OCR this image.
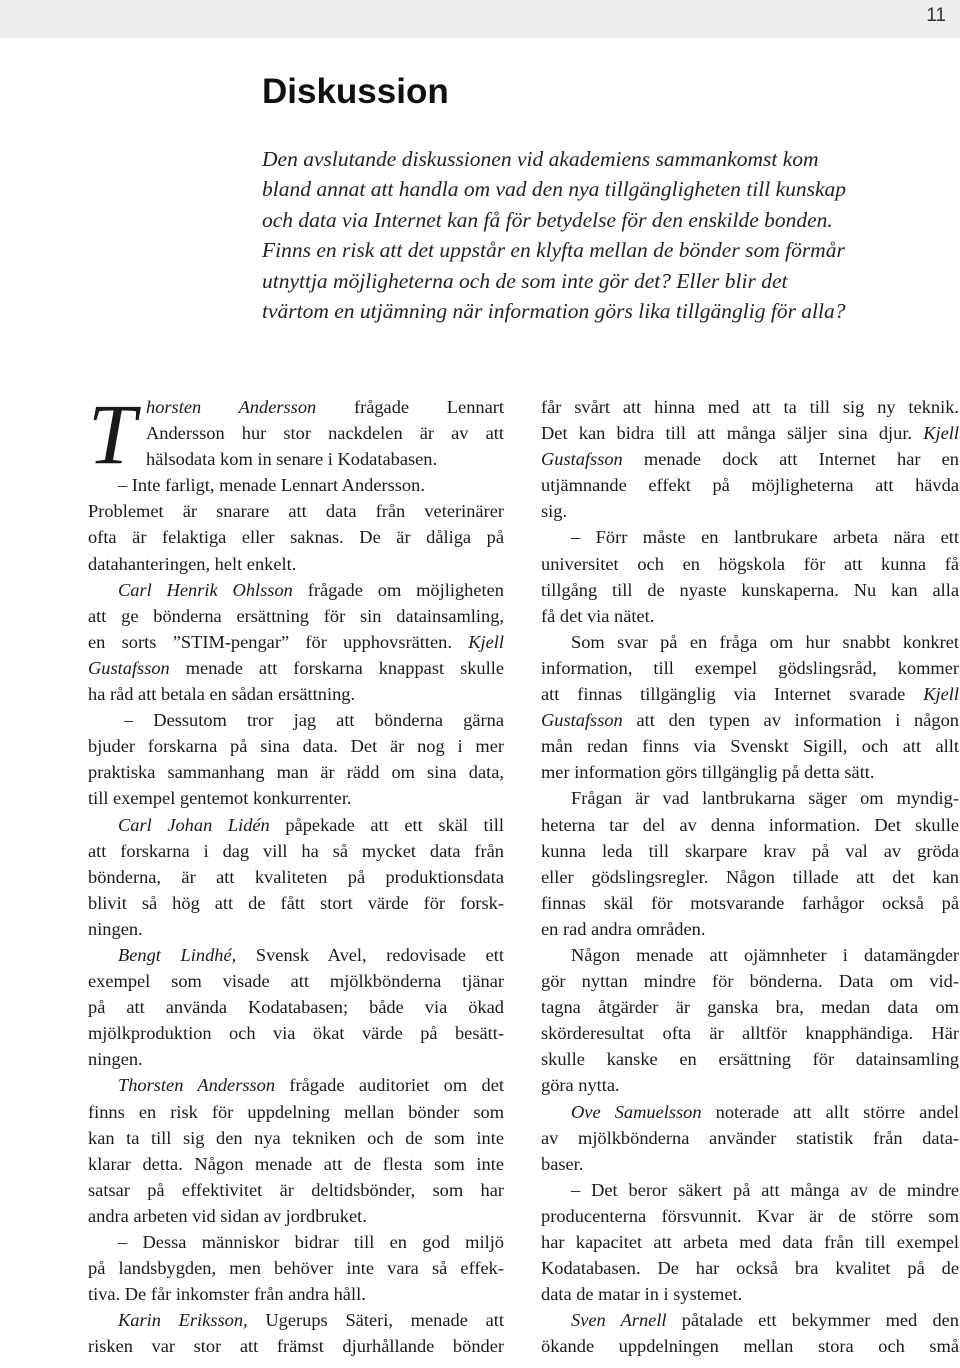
11
Diskussion

Den avslutande diskussionen vid akademiens sammankomst kom
bland annat att handla om vad den nya tillgängligheten till kunskap
och data via Internet kan få för betydelse för den enskilde bonden.
Finns en risk att det uppstår en klyfta mellan de bönder som förmår
utnyttja möjligheterna och de som inte gör det? Eller blir det
tvärtom en utjämning när information görs lika tillgänglig för alla?

T horsten Andersson frågade Lennart
Andersson hur stor nackdelen är av att
hälsodata kom in senare i Kodatabasen.
– Inte farligt, menade Lennart Andersson.
Problemet är snarare att data från veterinärer
ofta är felaktiga eller saknas. De är dåliga på
datahanteringen, helt enkelt.
Carl Henrik Ohlsson frågade om möjligheten
att ge bönderna ersättning för sin datainsamling,
en sorts ”STIM-pengar” för upphovsrätten. Kjell
Gustafsson menade att forskarna knappast skulle
ha råd att betala en sådan ersättning.
– Dessutom tror jag att bönderna gärna
bjuder forskarna på sina data. Det är nog i mer
praktiska sammanhang man är rädd om sina data,
till exempel gentemot konkurrenter.
Carl Johan Lidén påpekade att ett skäl till
att forskarna i dag vill ha så mycket data från
bönderna, är att kvaliteten på produktionsdata
blivit så hög att de fått stort värde för forsk-
ningen.
Bengt Lindhé, Svensk Avel, redovisade ett
exempel som visade att mjölkbönderna tjänar
på att använda Kodatabasen; både via ökad
mjölkproduktion och via ökat värde på besätt-
ningen.
Thorsten Andersson frågade auditoriet om det
finns en risk för uppdelning mellan bönder som
kan ta till sig den nya tekniken och de som inte
klarar detta. Någon menade att de flesta som inte
satsar på effektivitet är deltidsbönder, som har
andra arbeten vid sidan av jordbruket.
– Dessa människor bidrar till en god miljö
på landsbygden, men behöver inte vara så effek-
tiva. De får inkomster från andra håll.
Karin Eriksson, Ugerups Säteri, menade att
risken var stor att främst djurhållande bönder
får svårt att hinna med att ta till sig ny teknik.
Det kan bidra till att många säljer sina djur. Kjell
Gustafsson menade dock att Internet har en
utjämnande effekt på möjligheterna att hävda
sig.
– Förr måste en lantbrukare arbeta nära ett
universitet och en högskola för att kunna få
tillgång till de nyaste kunskaperna. Nu kan alla
få det via nätet.
Som svar på en fråga om hur snabbt konkret
information, till exempel gödslingsråd, kommer
att finnas tillgänglig via Internet svarade Kjell
Gustafsson att den typen av information i någon
mån redan finns via Svenskt Sigill, och att allt
mer information görs tillgänglig på detta sätt.
Frågan är vad lantbrukarna säger om myndig-
heterna tar del av denna information. Det skulle
kunna leda till skarpare krav på val av gröda
eller gödslingsregler. Någon tillade att det kan
finnas skäl för motsvarande farhågor också på
en rad andra områden.
Någon menade att ojämnheter i datamängder
gör nyttan mindre för bönderna. Data om vid-
tagna åtgärder är ganska bra, medan data om
skörderesultat ofta är alltför knapphändiga. Här
skulle kanske en ersättning för datainsamling
göra nytta.
Ove Samuelsson noterade att allt större andel
av mjölkbönderna använder statistik från data-
baser.
– Det beror säkert på att många av de mindre
producenterna försvunnit. Kvar är de större som
har kapacitet att arbeta med data från till exempel
Kodatabasen. De har också bra kvalitet på de
data de matar in i systemet.
Sven Arnell påtalade ett bekymmer med den
ökande uppdelningen mellan stora och små
